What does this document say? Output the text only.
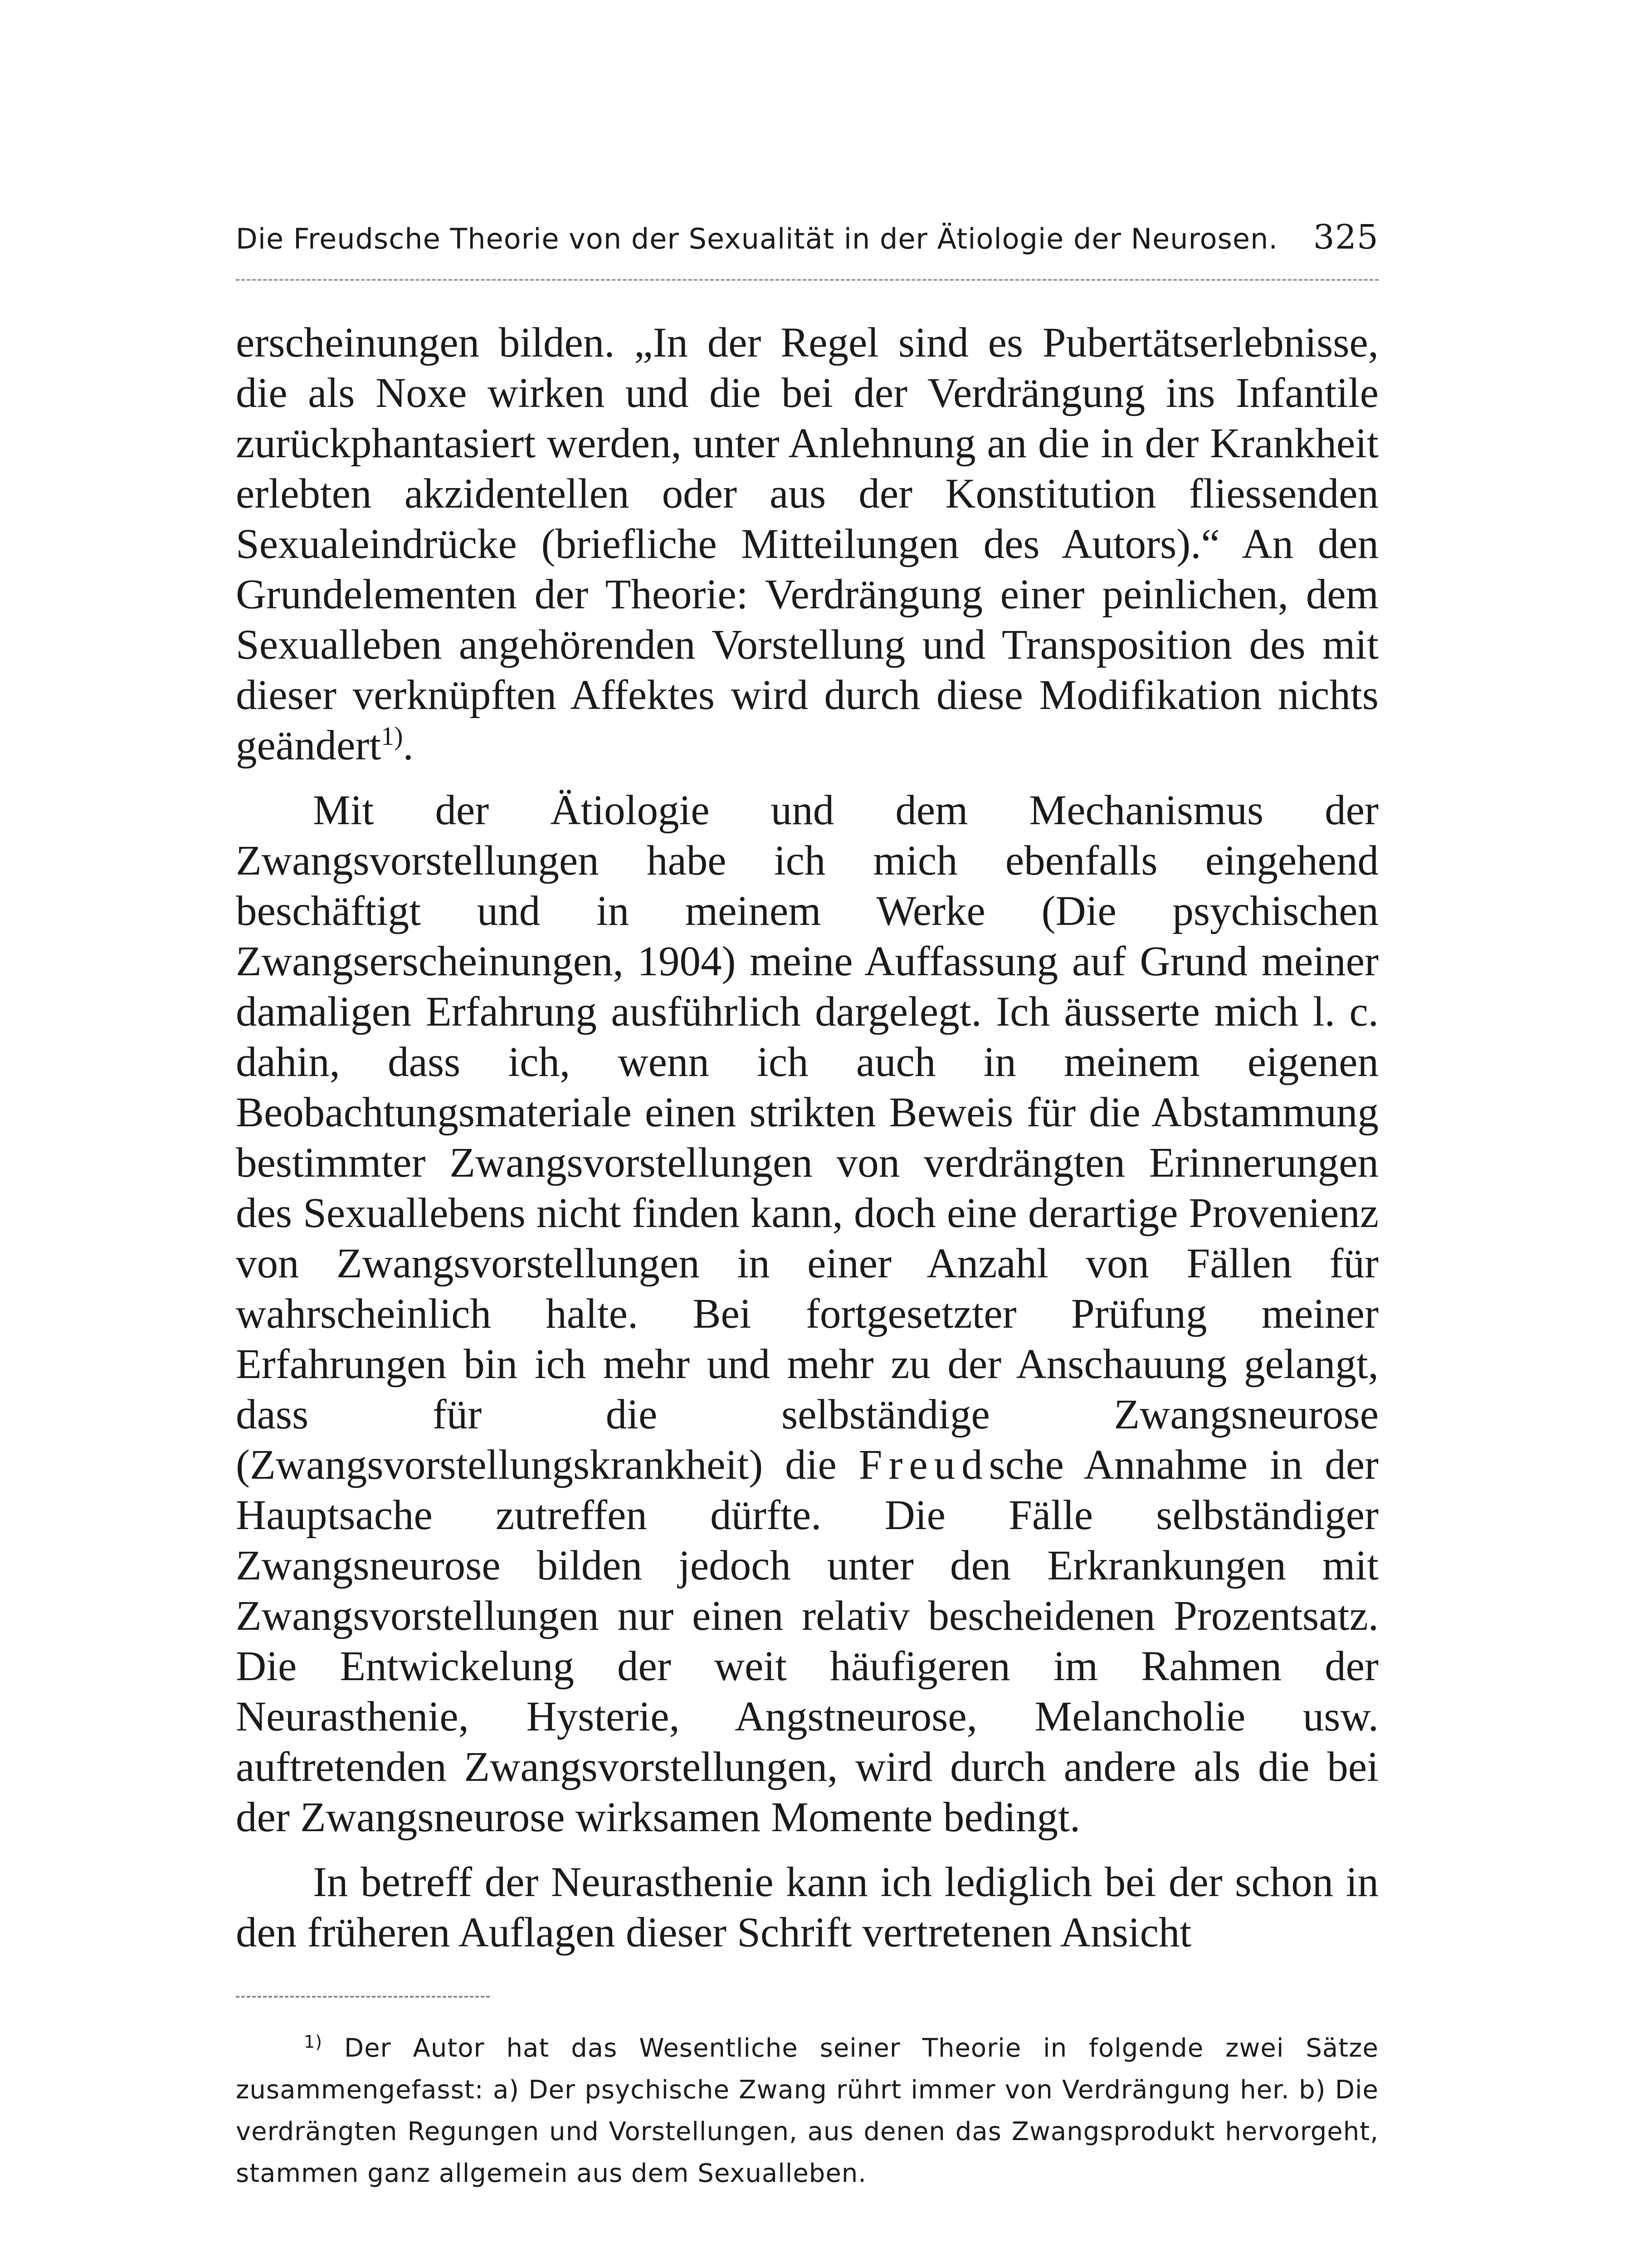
Die Freudsche Theorie von der Sexualität in der Ätiologie der Neurosen. 325

erscheinungen bilden. „In der Regel sind es Pubertätserlebnisse, die als Noxe wirken und die bei der Verdrängung ins Infantile zurückphantasiert werden, unter Anlehnung an die in der Krankheit erlebten akzidentellen oder aus der Konstitution fliessenden Sexualeindrücke (briefliche Mitteilungen des Autors).“ An den Grundelementen der Theorie: Verdrängung einer peinlichen, dem Sexualleben angehörenden Vorstellung und Transposition des mit dieser verknüpften Affektes wird durch diese Modifikation nichts geändert$^{1)}$.

Mit der Ätiologie und dem Mechanismus der Zwangsvorstellungen habe ich mich ebenfalls eingehend beschäftigt und in meinem Werke (Die psychischen Zwangserscheinungen, 1904) meine Auffassung auf Grund meiner damaligen Erfahrung ausführlich dargelegt. Ich äusserte mich l. c. dahin, dass ich, wenn ich auch in meinem eigenen Beobachtungsmateriale einen strikten Beweis für die Abstammung bestimmter Zwangsvorstellungen von verdrängten Erinnerungen des Sexuallebens nicht finden kann, doch eine derartige Provenienz von Zwangsvorstellungen in einer Anzahl von Fällen für wahrscheinlich halte. Bei fortgesetzter Prüfung meiner Erfahrungen bin ich mehr und mehr zu der Anschauung gelangt, dass für die selbständige Zwangsneurose (Zwangsvorstellungskrankheit) die Freudsche Annahme in der Hauptsache zutreffen dürfte. Die Fälle selbständiger Zwangsneurose bilden jedoch unter den Erkrankungen mit Zwangsvorstellungen nur einen relativ bescheidenen Prozentsatz. Die Entwickelung der weit häufigeren im Rahmen der Neurasthenie, Hysterie, Angstneurose, Melancholie usw. auftretenden Zwangsvorstellungen, wird durch andere als die bei der Zwangsneurose wirksamen Momente bedingt.

In betreff der Neurasthenie kann ich lediglich bei der schon in den früheren Auflagen dieser Schrift vertretenen Ansicht

$^{1)}$ Der Autor hat das Wesentliche seiner Theorie in folgende zwei Sätze zusammengefasst: a) Der psychische Zwang rührt immer von Verdrängung her. b) Die verdrängten Regungen und Vorstellungen, aus denen das Zwangsprodukt hervorgeht, stammen ganz allgemein aus dem Sexualleben.
